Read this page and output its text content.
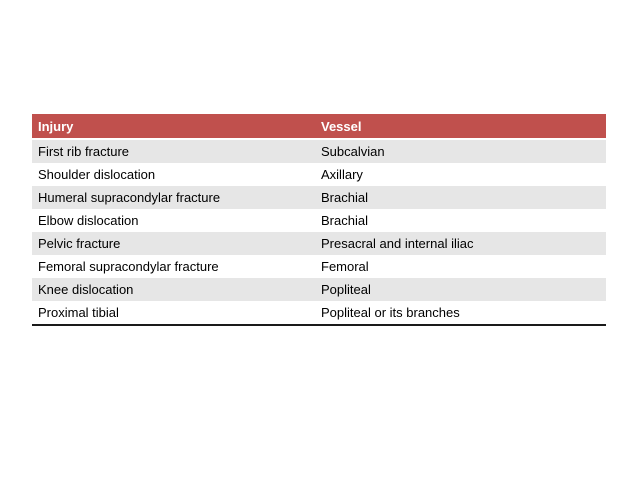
Injury	Vessel
First rib fracture	Subcalvian
Shoulder dislocation	Axillary
Humeral supracondylar fracture	Brachial
Elbow dislocation	Brachial
Pelvic fracture	Presacral and internal iliac
Femoral supracondylar fracture	Femoral
Knee dislocation	Popliteal
Proximal tibial	Popliteal or its branches
